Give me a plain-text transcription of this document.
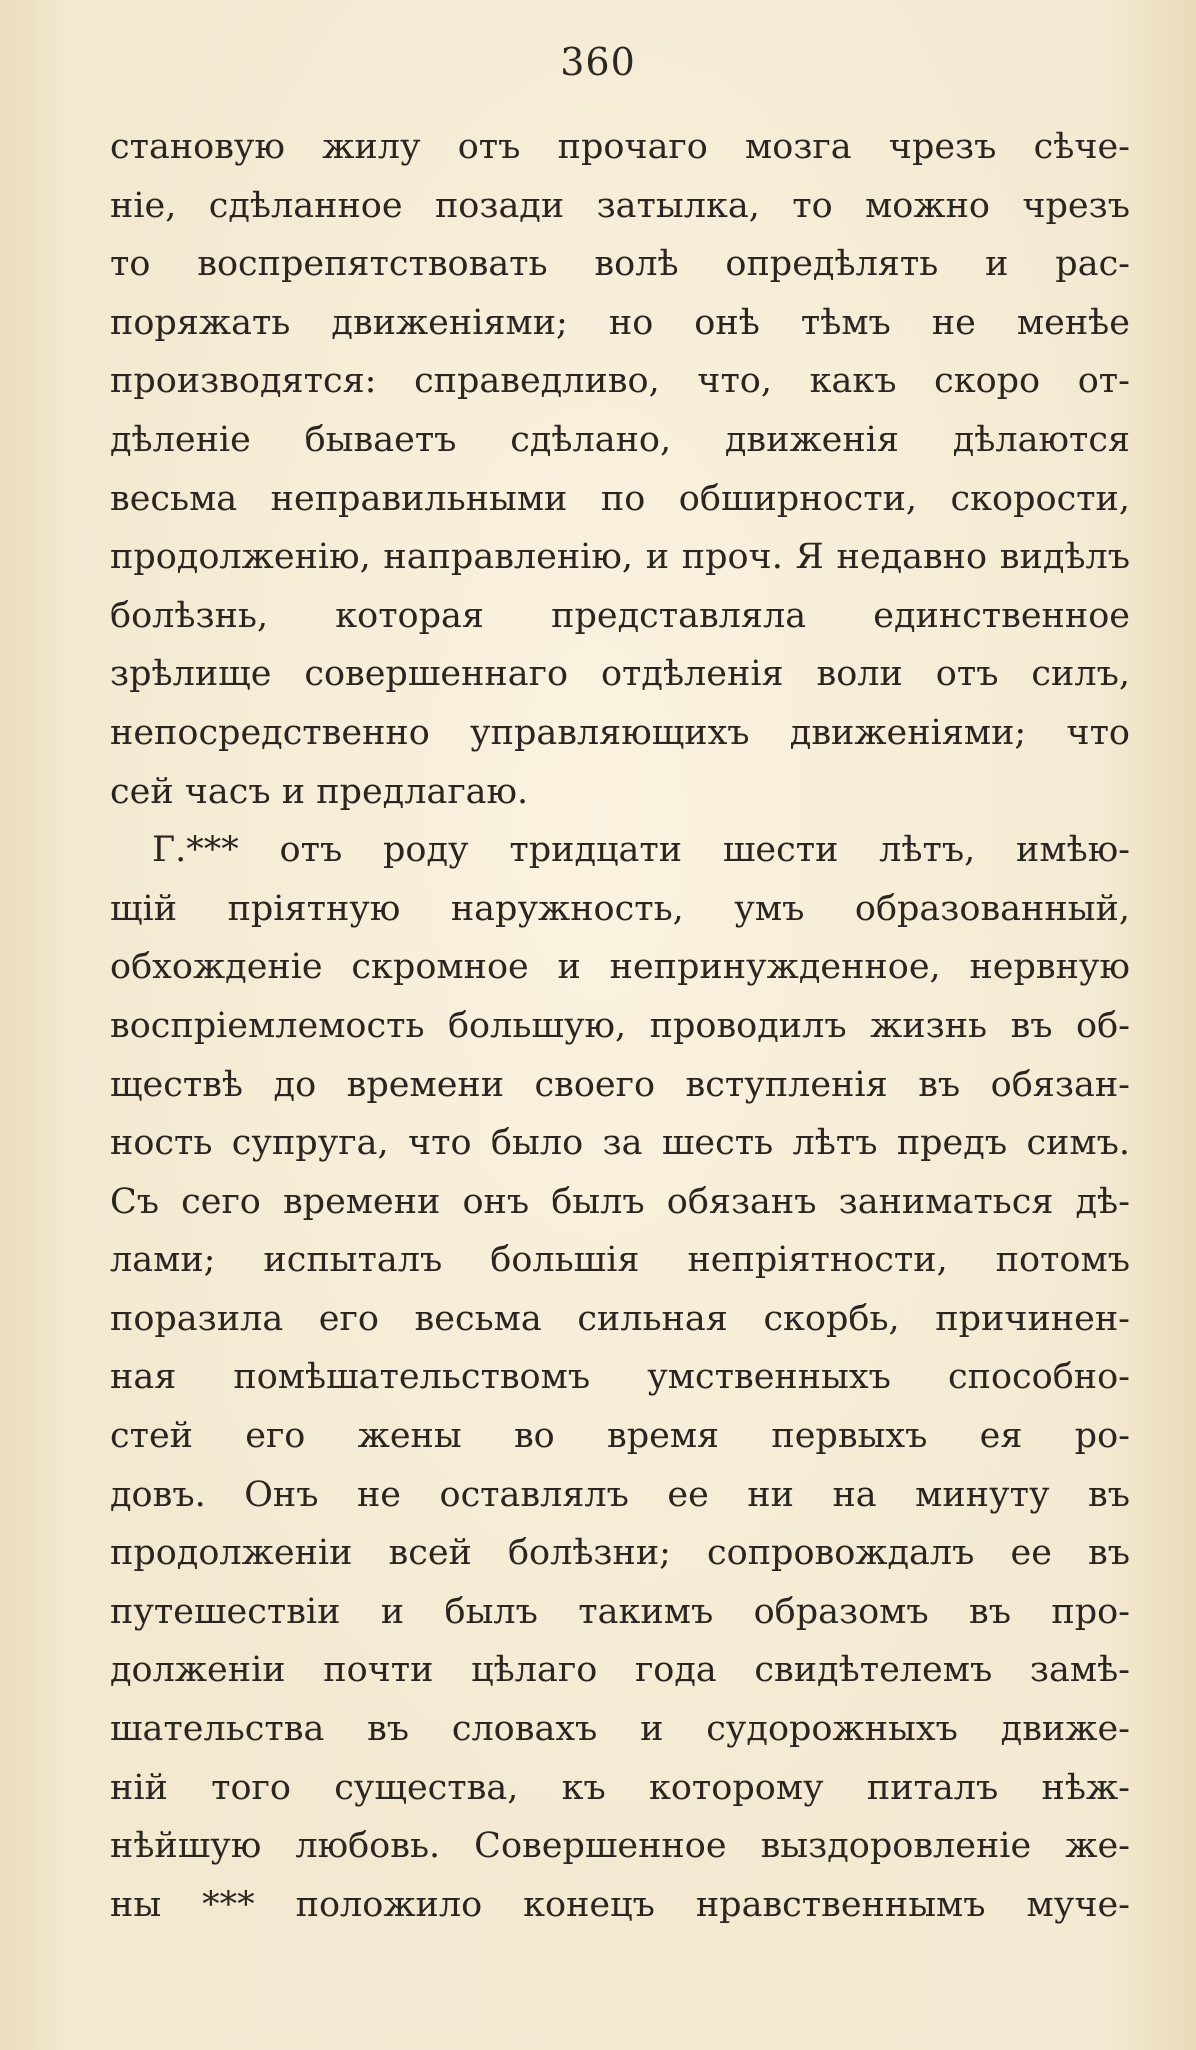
360
становую жилу отъ прочаго мозга чрезъ сѣче-
нiе, сдѣланное позади затылка, то можно чрезъ
то воспрепятствовать волѣ опредѣлять и рас-
поряжать движенiями; но онѣ тѣмъ не менѣе
производятся: справедливо, что, какъ скоро от-
дѣленiе бываетъ сдѣлано, движенiя дѣлаются
весьма неправильными по обширности, скорости,
продолженiю, направленiю, и проч. Я недавно видѣлъ
болѣзнь, которая представляла единственное
зрѣлище совершеннаго отдѣленiя воли отъ силъ,
непосредственно управляющихъ движенiями; что
сей часъ и предлагаю.
Г.*** отъ роду тридцати шести лѣтъ, имѣю-
щiй прiятную наружность, умъ образованный,
обхожденiе скромное и непринужденное, нервную
воспрiемлемость большую, проводилъ жизнь въ об-
ществѣ до времени своего вступленiя въ обязан-
ность супруга, что было за шесть лѣтъ предъ симъ.
Съ сего времени онъ былъ обязанъ заниматься дѣ-
лами; испыталъ большiя непрiятности, потомъ
поразила его весьма сильная скорбь, причинен-
ная помѣшательствомъ умственныхъ способно-
стей его жены во время первыхъ ея ро-
довъ. Онъ не оставлялъ ее ни на минуту въ
продолженiи всей болѣзни; сопровождалъ ее въ
путешествiи и былъ такимъ образомъ въ про-
долженiи почти цѣлаго года свидѣтелемъ замѣ-
шательства въ словахъ и судорожныхъ движе-
нiй того существа, къ которому питалъ нѣж-
нѣйшую любовь. Совершенное выздоровленiе же-
ны *** положило конецъ нравственнымъ муче-
